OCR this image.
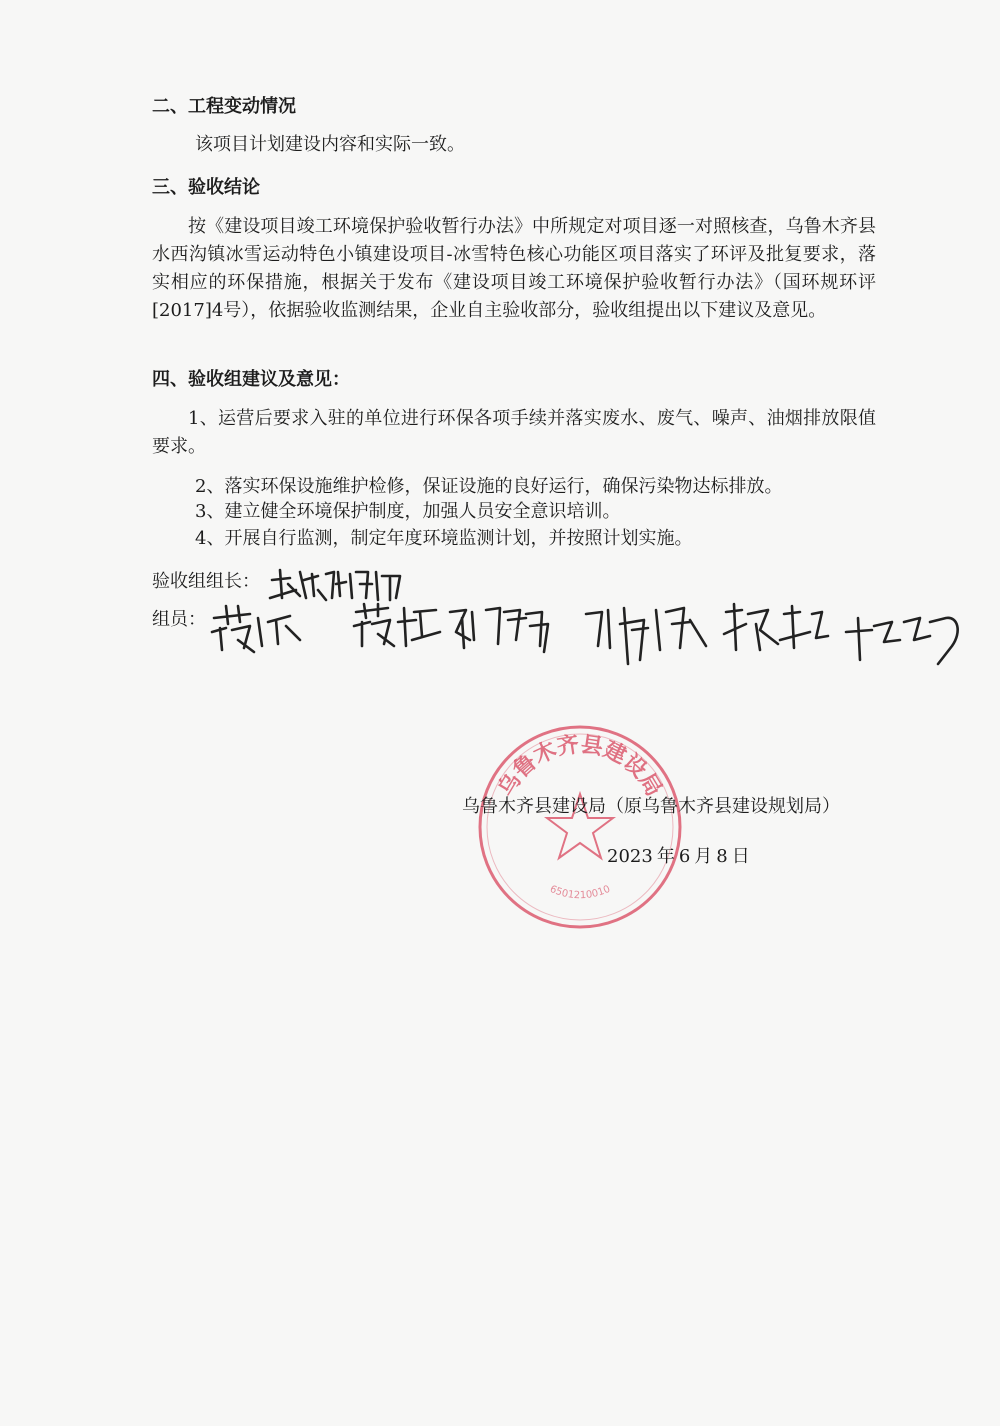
二、工程变动情况
该项目计划建设内容和实际一致。
三、验收结论
按《建设项目竣工环境保护验收暂行办法》中所规定对项目逐一对照核查，乌鲁木齐县水西沟镇冰雪运动特色小镇建设项目-冰雪特色核心功能区项目落实了环评及批复要求，落实相应的环保措施，根据关于发布《建设项目竣工环境保护验收暂行办法》（国环规环评[2017]4号），依据验收监测结果，企业自主验收部分，验收组提出以下建议及意见。
四、验收组建议及意见：
1、运营后要求入驻的单位进行环保各项手续并落实废水、废气、噪声、油烟排放限值要求。
2、落实环保设施维护检修，保证设施的良好运行，确保污染物达标排放。
3、建立健全环境保护制度，加强人员安全意识培训。
4、开展自行监测，制定年度环境监测计划，并按照计划实施。
验收组组长：
组员：
乌鲁木齐县建设局
6501210010
乌鲁木齐县建设局（原乌鲁木齐县建设规划局）
2023 年 6 月 8 日
